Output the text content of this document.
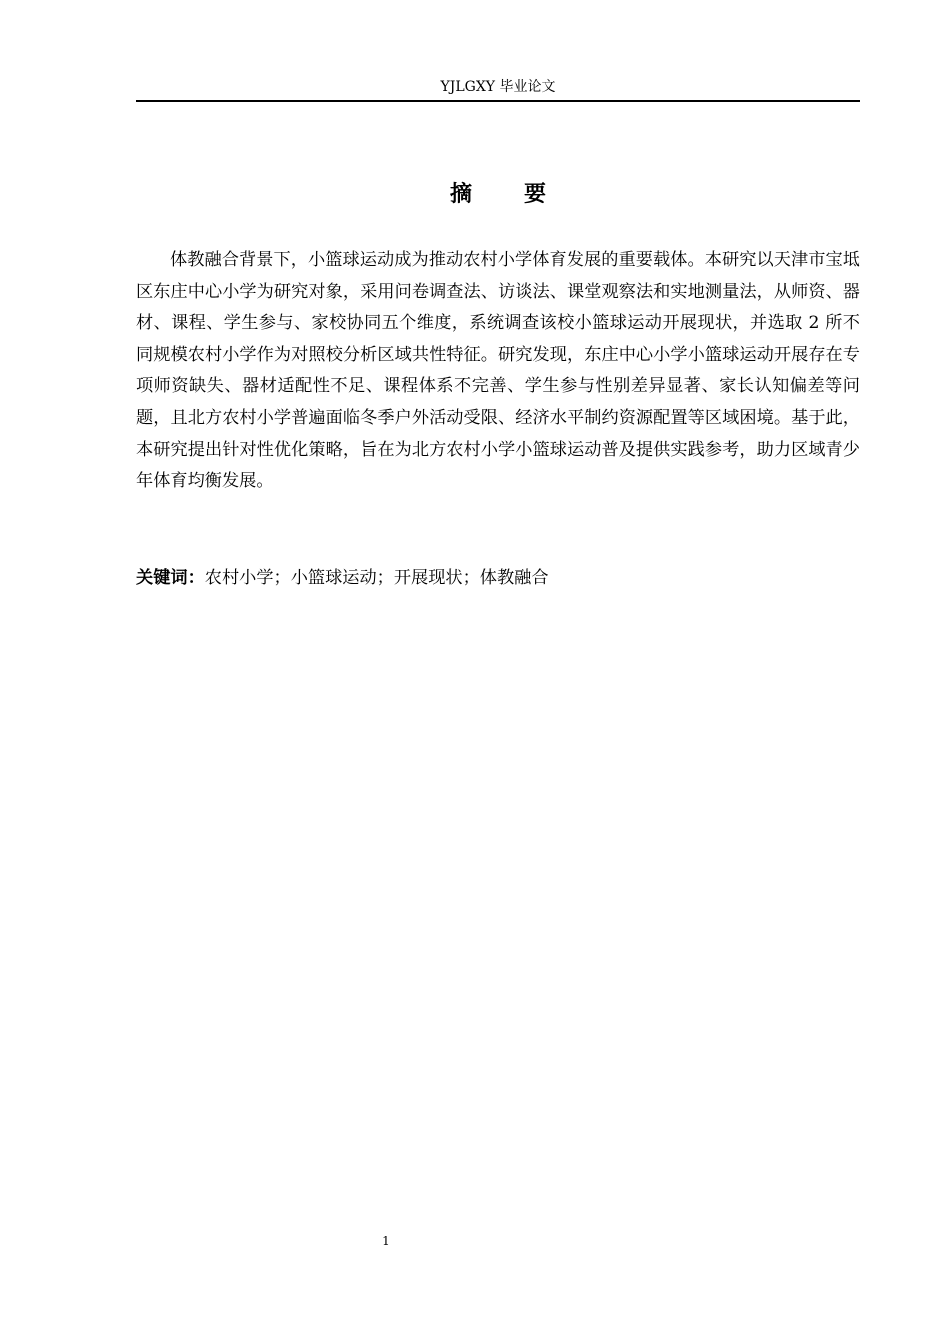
YJLGXY 毕业论文
摘 要

体教融合背景下，小篮球运动成为推动农村小学体育发展的重要载体。本研究以天津市宝坻区东庄中心小学为研究对象，采用问卷调查法、访谈法、课堂观察法和实地测量法，从师资、器材、课程、学生参与、家校协同五个维度，系统调查该校小篮球运动开展现状，并选取 2 所不同规模农村小学作为对照校分析区域共性特征。研究发现，东庄中心小学小篮球运动开展存在专项师资缺失、器材适配性不足、课程体系不完善、学生参与性别差异显著、家长认知偏差等问题，且北方农村小学普遍面临冬季户外活动受限、经济水平制约资源配置等区域困境。基于此，本研究提出针对性优化策略，旨在为北方农村小学小篮球运动普及提供实践参考，助力区域青少年体育均衡发展。

关键词：农村小学；小篮球运动；开展现状；体教融合
1
